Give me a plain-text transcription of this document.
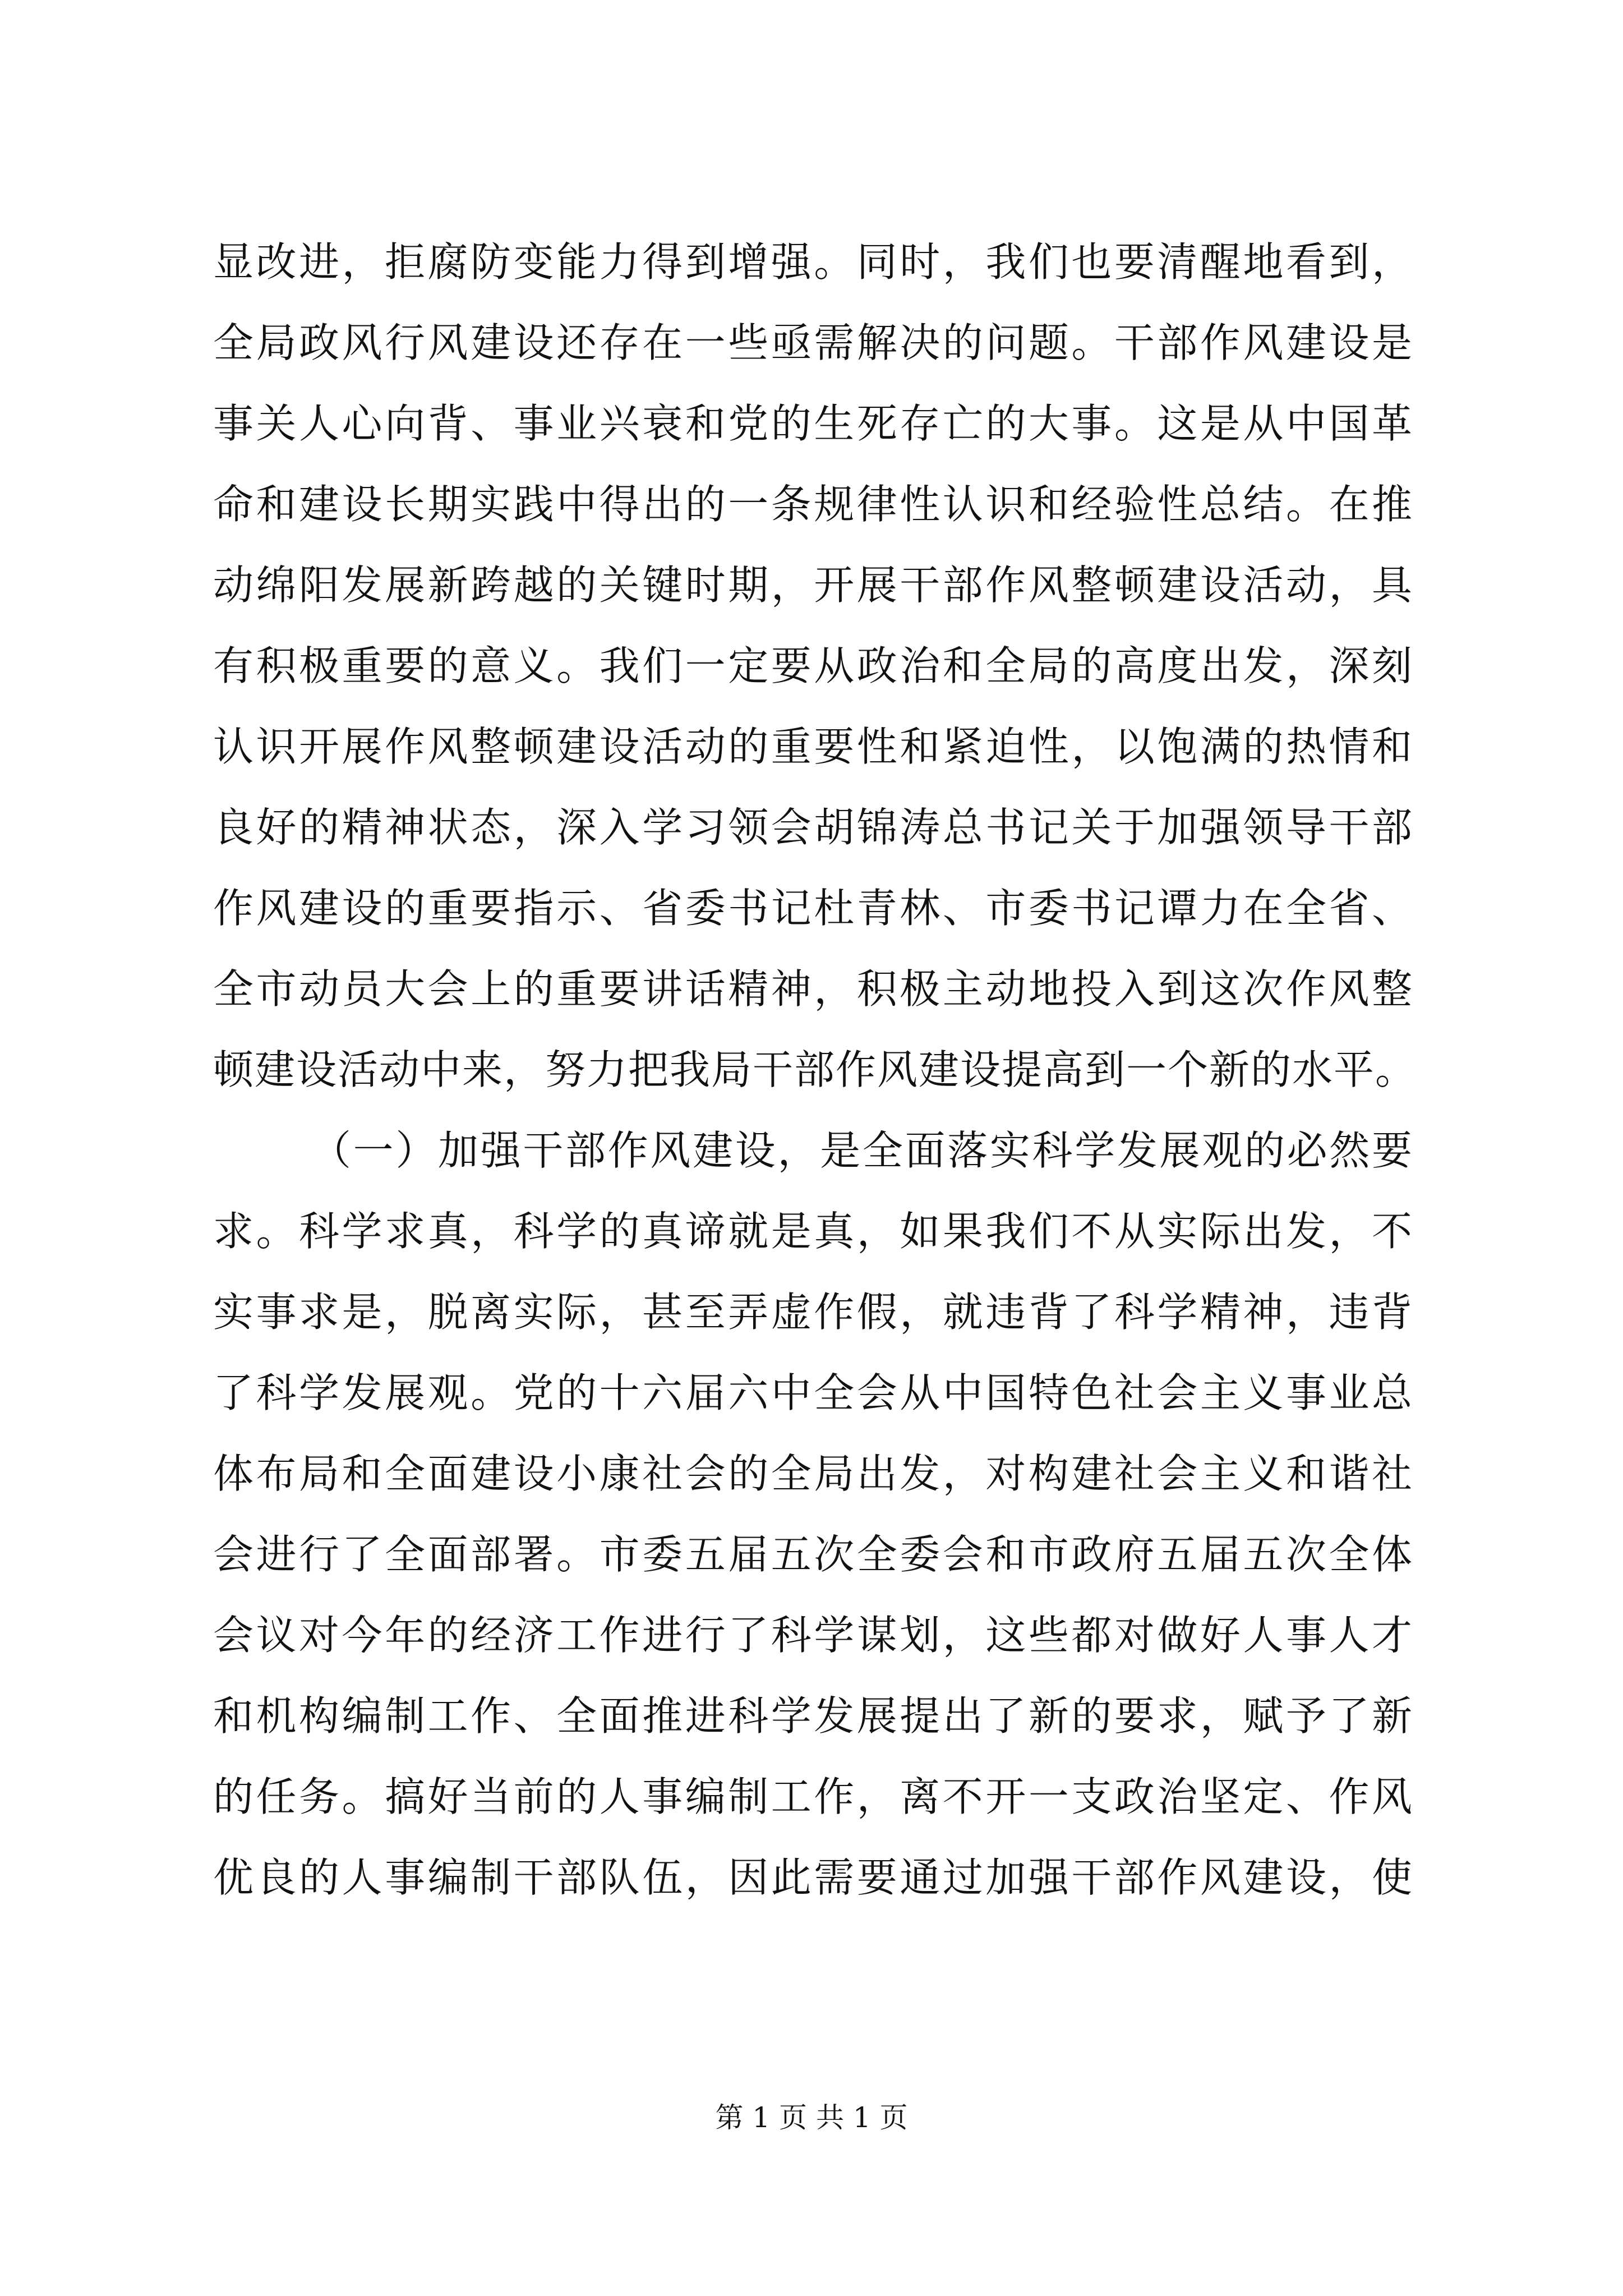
显改进，拒腐防变能力得到增强。同时，我们也要清醒地看到，
全局政风行风建设还存在一些亟需解决的问题。干部作风建设是
事关人心向背、事业兴衰和党的生死存亡的大事。这是从中国革
命和建设长期实践中得出的一条规律性认识和经验性总结。在推
动绵阳发展新跨越的关键时期，开展干部作风整顿建设活动，具
有积极重要的意义。我们一定要从政治和全局的高度出发，深刻
认识开展作风整顿建设活动的重要性和紧迫性，以饱满的热情和
良好的精神状态，深入学习领会胡锦涛总书记关于加强领导干部
作风建设的重要指示、省委书记杜青林、市委书记谭力在全省、
全市动员大会上的重要讲话精神，积极主动地投入到这次作风整
顿建设活动中来，努力把我局干部作风建设提高到一个新的水平。
（一）加强干部作风建设，是全面落实科学发展观的必然要
求。科学求真，科学的真谛就是真，如果我们不从实际出发，不
实事求是，脱离实际，甚至弄虚作假，就违背了科学精神，违背
了科学发展观。党的十六届六中全会从中国特色社会主义事业总
体布局和全面建设小康社会的全局出发，对构建社会主义和谐社
会进行了全面部署。市委五届五次全委会和市政府五届五次全体
会议对今年的经济工作进行了科学谋划，这些都对做好人事人才
和机构编制工作、全面推进科学发展提出了新的要求，赋予了新
的任务。搞好当前的人事编制工作，离不开一支政治坚定、作风
优良的人事编制干部队伍，因此需要通过加强干部作风建设，使
第 1 页 共 1 页
